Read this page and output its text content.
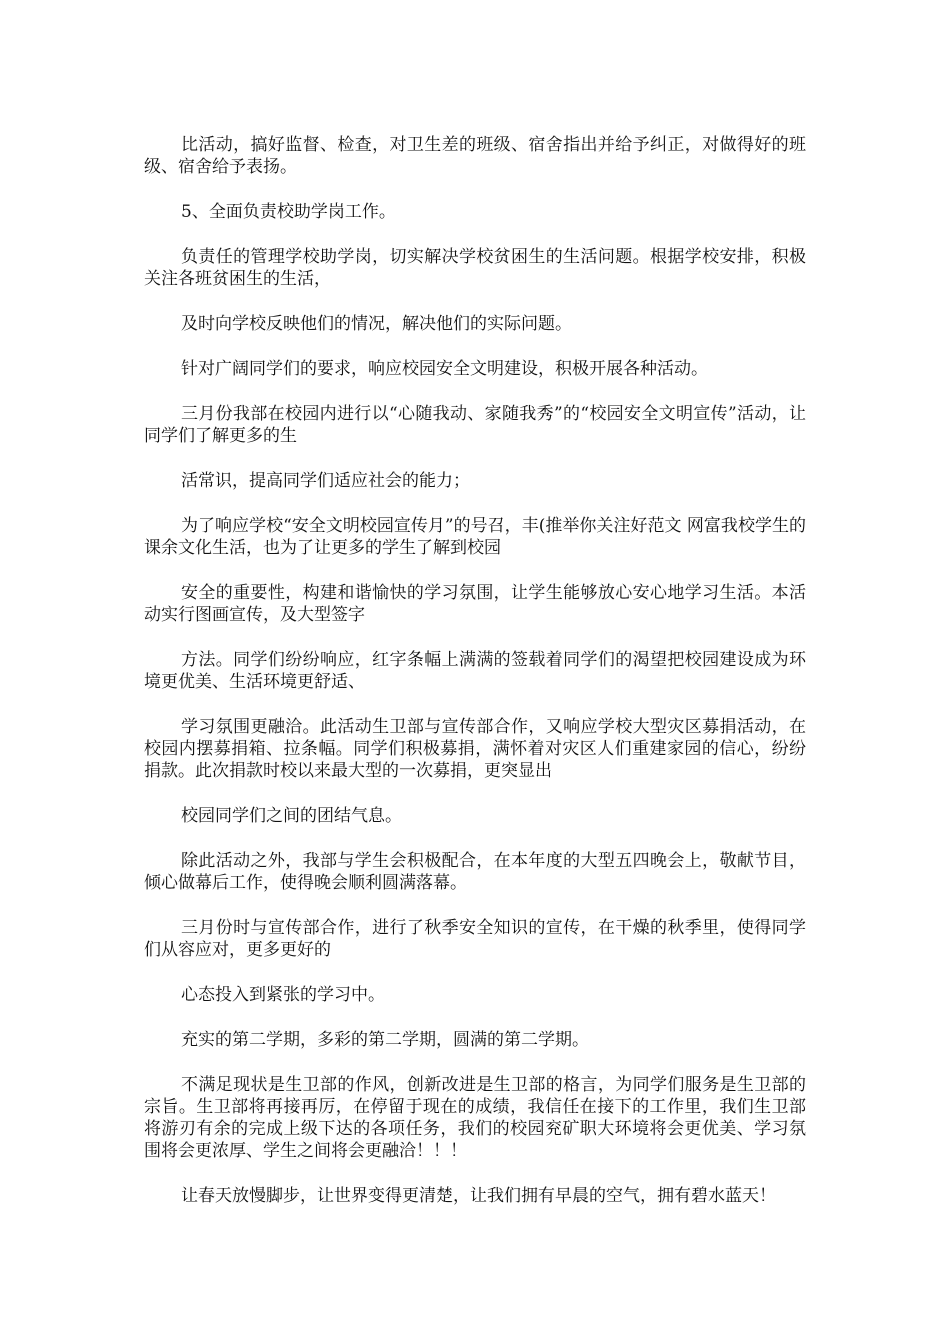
比活动，搞好监督、检查，对卫生差的班级、宿舍指出并给予纠正，对做得好的班级、宿舍给予表扬。

5、全面负责校助学岗工作。

负责任的管理学校助学岗，切实解决学校贫困生的生活问题。根据学校安排，积极关注各班贫困生的生活，

及时向学校反映他们的情况，解决他们的实际问题。

针对广阔同学们的要求，响应校园安全文明建设，积极开展各种活动。

三月份我部在校园内进行以“心随我动、家随我秀”的“校园安全文明宣传”活动，让同学们了解更多的生

活常识，提高同学们适应社会的能力；

为了响应学校“安全文明校园宣传月”的号召，丰(推举你关注好范文 网富我校学生的课余文化生活，也为了让更多的学生了解到校园

安全的重要性，构建和谐愉快的学习氛围，让学生能够放心安心地学习生活。本活动实行图画宣传，及大型签字

方法。同学们纷纷响应，红字条幅上满满的签载着同学们的渴望把校园建设成为环境更优美、生活环境更舒适、

学习氛围更融洽。此活动生卫部与宣传部合作，又响应学校大型灾区募捐活动，在校园内摆募捐箱、拉条幅。同学们积极募捐，满怀着对灾区人们重建家园的信心，纷纷捐款。此次捐款时校以来最大型的一次募捐，更突显出

校园同学们之间的团结气息。

除此活动之外，我部与学生会积极配合，在本年度的大型五四晚会上，敬献节目，倾心做幕后工作，使得晚会顺利圆满落幕。

三月份时与宣传部合作，进行了秋季安全知识的宣传，在干燥的秋季里，使得同学们从容应对，更多更好的

心态投入到紧张的学习中。

充实的第二学期，多彩的第二学期，圆满的第二学期。

不满足现状是生卫部的作风，创新改进是生卫部的格言，为同学们服务是生卫部的宗旨。生卫部将再接再厉，在停留于现在的成绩，我信任在接下的工作里，我们生卫部将游刃有余的完成上级下达的各项任务，我们的校园兖矿职大环境将会更优美、学习氛围将会更浓厚、学生之间将会更融洽！！！

让春天放慢脚步，让世界变得更清楚，让我们拥有早晨的空气，拥有碧水蓝天！
